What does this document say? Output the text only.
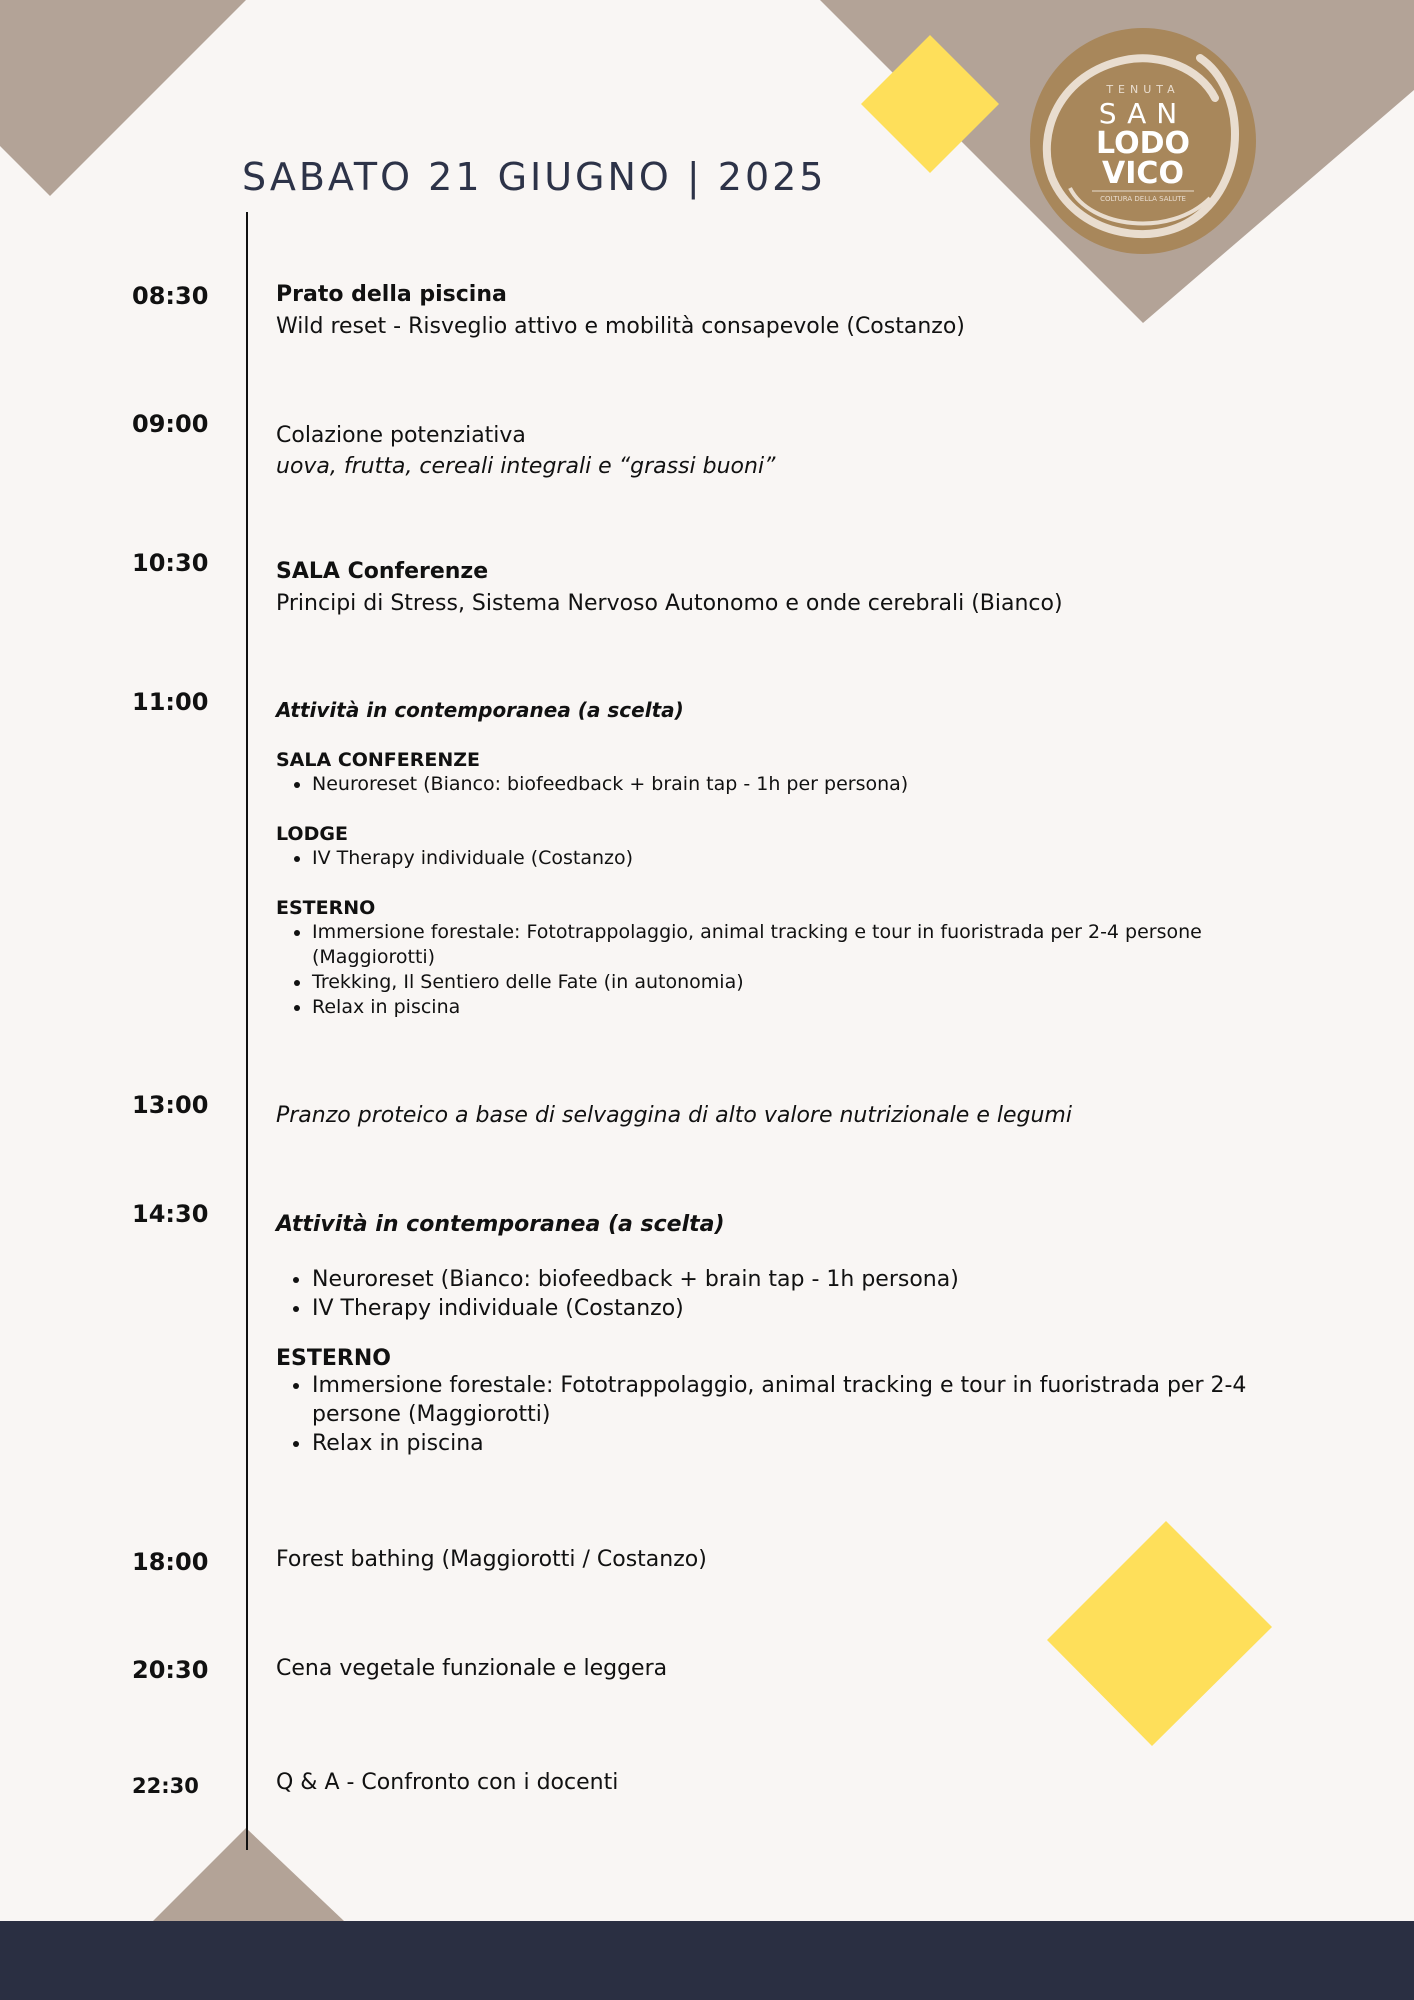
TENUTA
SAN
LODO
VICO
COLTURA DELLA SALUTE
SABATO 21 GIUGNO | 2025
08:30	Prato della piscina

Wild reset - Risveglio attivo e mobilità consapevole (Costanzo)

09:00	Colazione potenziativa

uova, frutta, cereali integrali e “grassi buoni”

10:30	SALA Conferenze

Principi di Stress, Sistema Nervoso Autonomo e onde cerebrali (Bianco)

11:00	Attività in contemporanea (a scelta)

SALA CONFERENZE

• Neuroreset (Bianco: biofeedback + brain tap - 1h per persona)

LODGE

• IV Therapy individuale (Costanzo)

ESTERNO

• Immersione forestale: Fototrappolaggio, animal tracking e tour in fuoristrada per 2-4 persone (Maggiorotti)
• Trekking, Il Sentiero delle Fate (in autonomia)
• Relax in piscina
13:00	Pranzo proteico a base di selvaggina di alto valore nutrizionale e legumi

14:30	Attività in contemporanea (a scelta)

• Neuroreset (Bianco: biofeedback + brain tap - 1h persona)
• IV Therapy individuale (Costanzo)

ESTERNO

• Immersione forestale: Fototrappolaggio, animal tracking e tour in fuoristrada per 2-4 persone (Maggiorotti)
• Relax in piscina
18:00	Forest bathing (Maggiorotti / Costanzo)

20:30	Cena vegetale funzionale e leggera

22:30	Q & A - Confronto con i docenti
